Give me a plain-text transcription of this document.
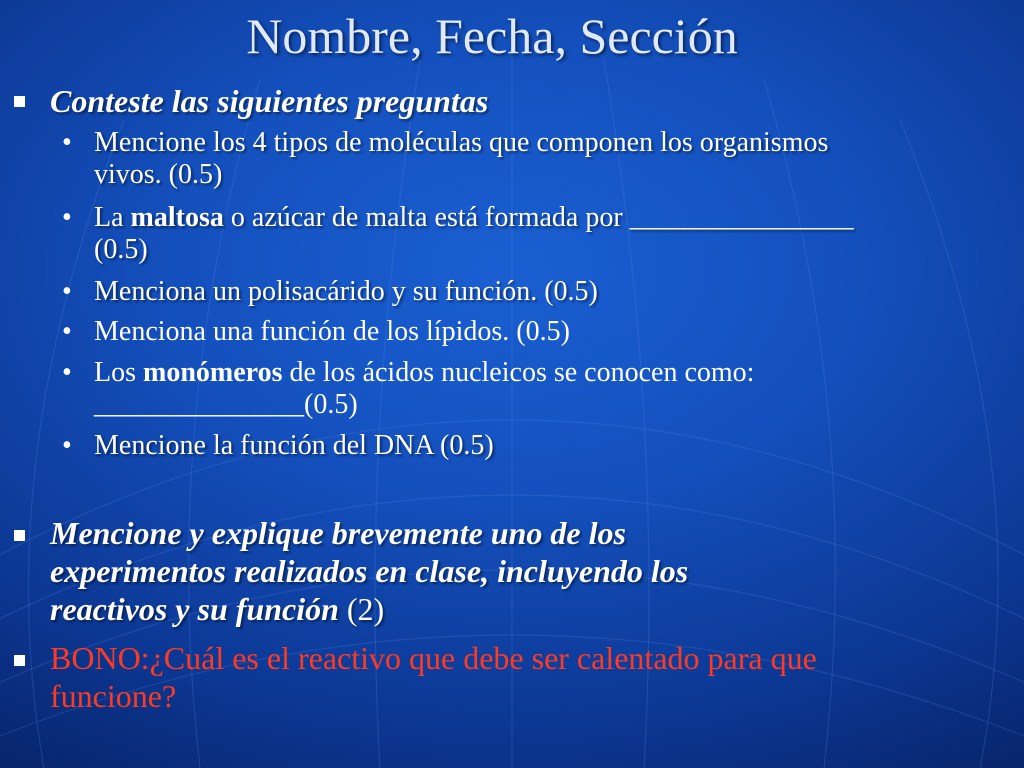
Nombre, Fecha, Sección
Conteste las siguientes preguntas
• Mencione los 4 tipos de moléculas que componen los organismos
vivos. (0.5)
• La maltosa o azúcar de malta está formada por ________________
(0.5)
• Menciona un polisacárido y su función. (0.5)
• Menciona una función de los lípidos. (0.5)
• Los monómeros de los ácidos nucleicos se conocen como:
_______________(0.5)
• Mencione la función del DNA (0.5)
Mencione y explique brevemente uno de los
experimentos realizados en clase, incluyendo los
reactivos y su función (2)
BONO:¿Cuál es el reactivo que debe ser calentado para que
funcione?
